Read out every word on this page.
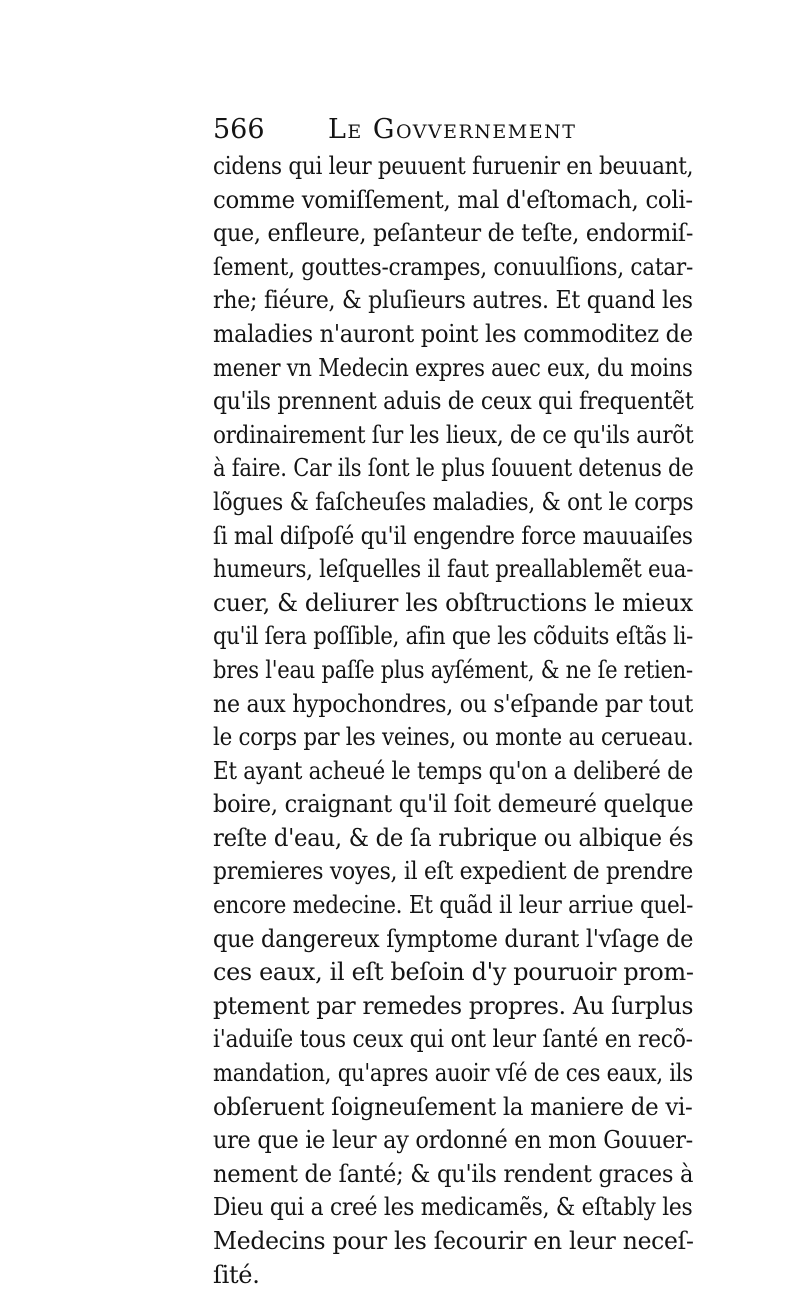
566 Le Govvernement
cidens qui leur peuuent furuenir en beuuant,
comme vomiſſement, mal d'eſtomach, coli-
que, enfleure, peſanteur de teſte, endormiſ-
ſement, gouttes-crampes, conuulſions, catar-
rhe; fiéure, & pluſieurs autres. Et quand les
maladies n'auront point les commoditez de
mener vn Medecin expres auec eux, du moins
qu'ils prennent aduis de ceux qui frequentẽt
ordinairement ſur les lieux, de ce qu'ils aurõt
à faire. Car ils ſont le plus ſouuent detenus de
lõgues & faſcheuſes maladies, & ont le corps
ſi mal diſpoſé qu'il engendre force mauuaiſes
humeurs, leſquelles il faut preallablemẽt eua-
cuer, & deliurer les obſtructions le mieux
qu'il ſera poſſible, afin que les cõduits eſtãs li-
bres l'eau paſſe plus ayſément, & ne ſe retien-
ne aux hypochondres, ou s'eſpande par tout
le corps par les veines, ou monte au cerueau.
Et ayant acheué le temps qu'on a deliberé de
boire, craignant qu'il ſoit demeuré quelque
reſte d'eau, & de ſa rubrique ou albique és
premieres voyes, il eſt expedient de prendre
encore medecine. Et quãd il leur arriue quel-
que dangereux ſymptome durant l'vſage de
ces eaux, il eſt beſoin d'y pouruoir prom-
ptement par remedes propres. Au ſurplus
i'aduiſe tous ceux qui ont leur ſanté en recõ-
mandation, qu'apres auoir vſé de ces eaux, ils
obſeruent ſoigneuſement la maniere de vi-
ure que ie leur ay ordonné en mon Gouuer-
nement de ſanté; & qu'ils rendent graces à
Dieu qui a creé les medicamẽs, & eſtably les
Medecins pour les ſecourir en leur neceſ-
ſité.
